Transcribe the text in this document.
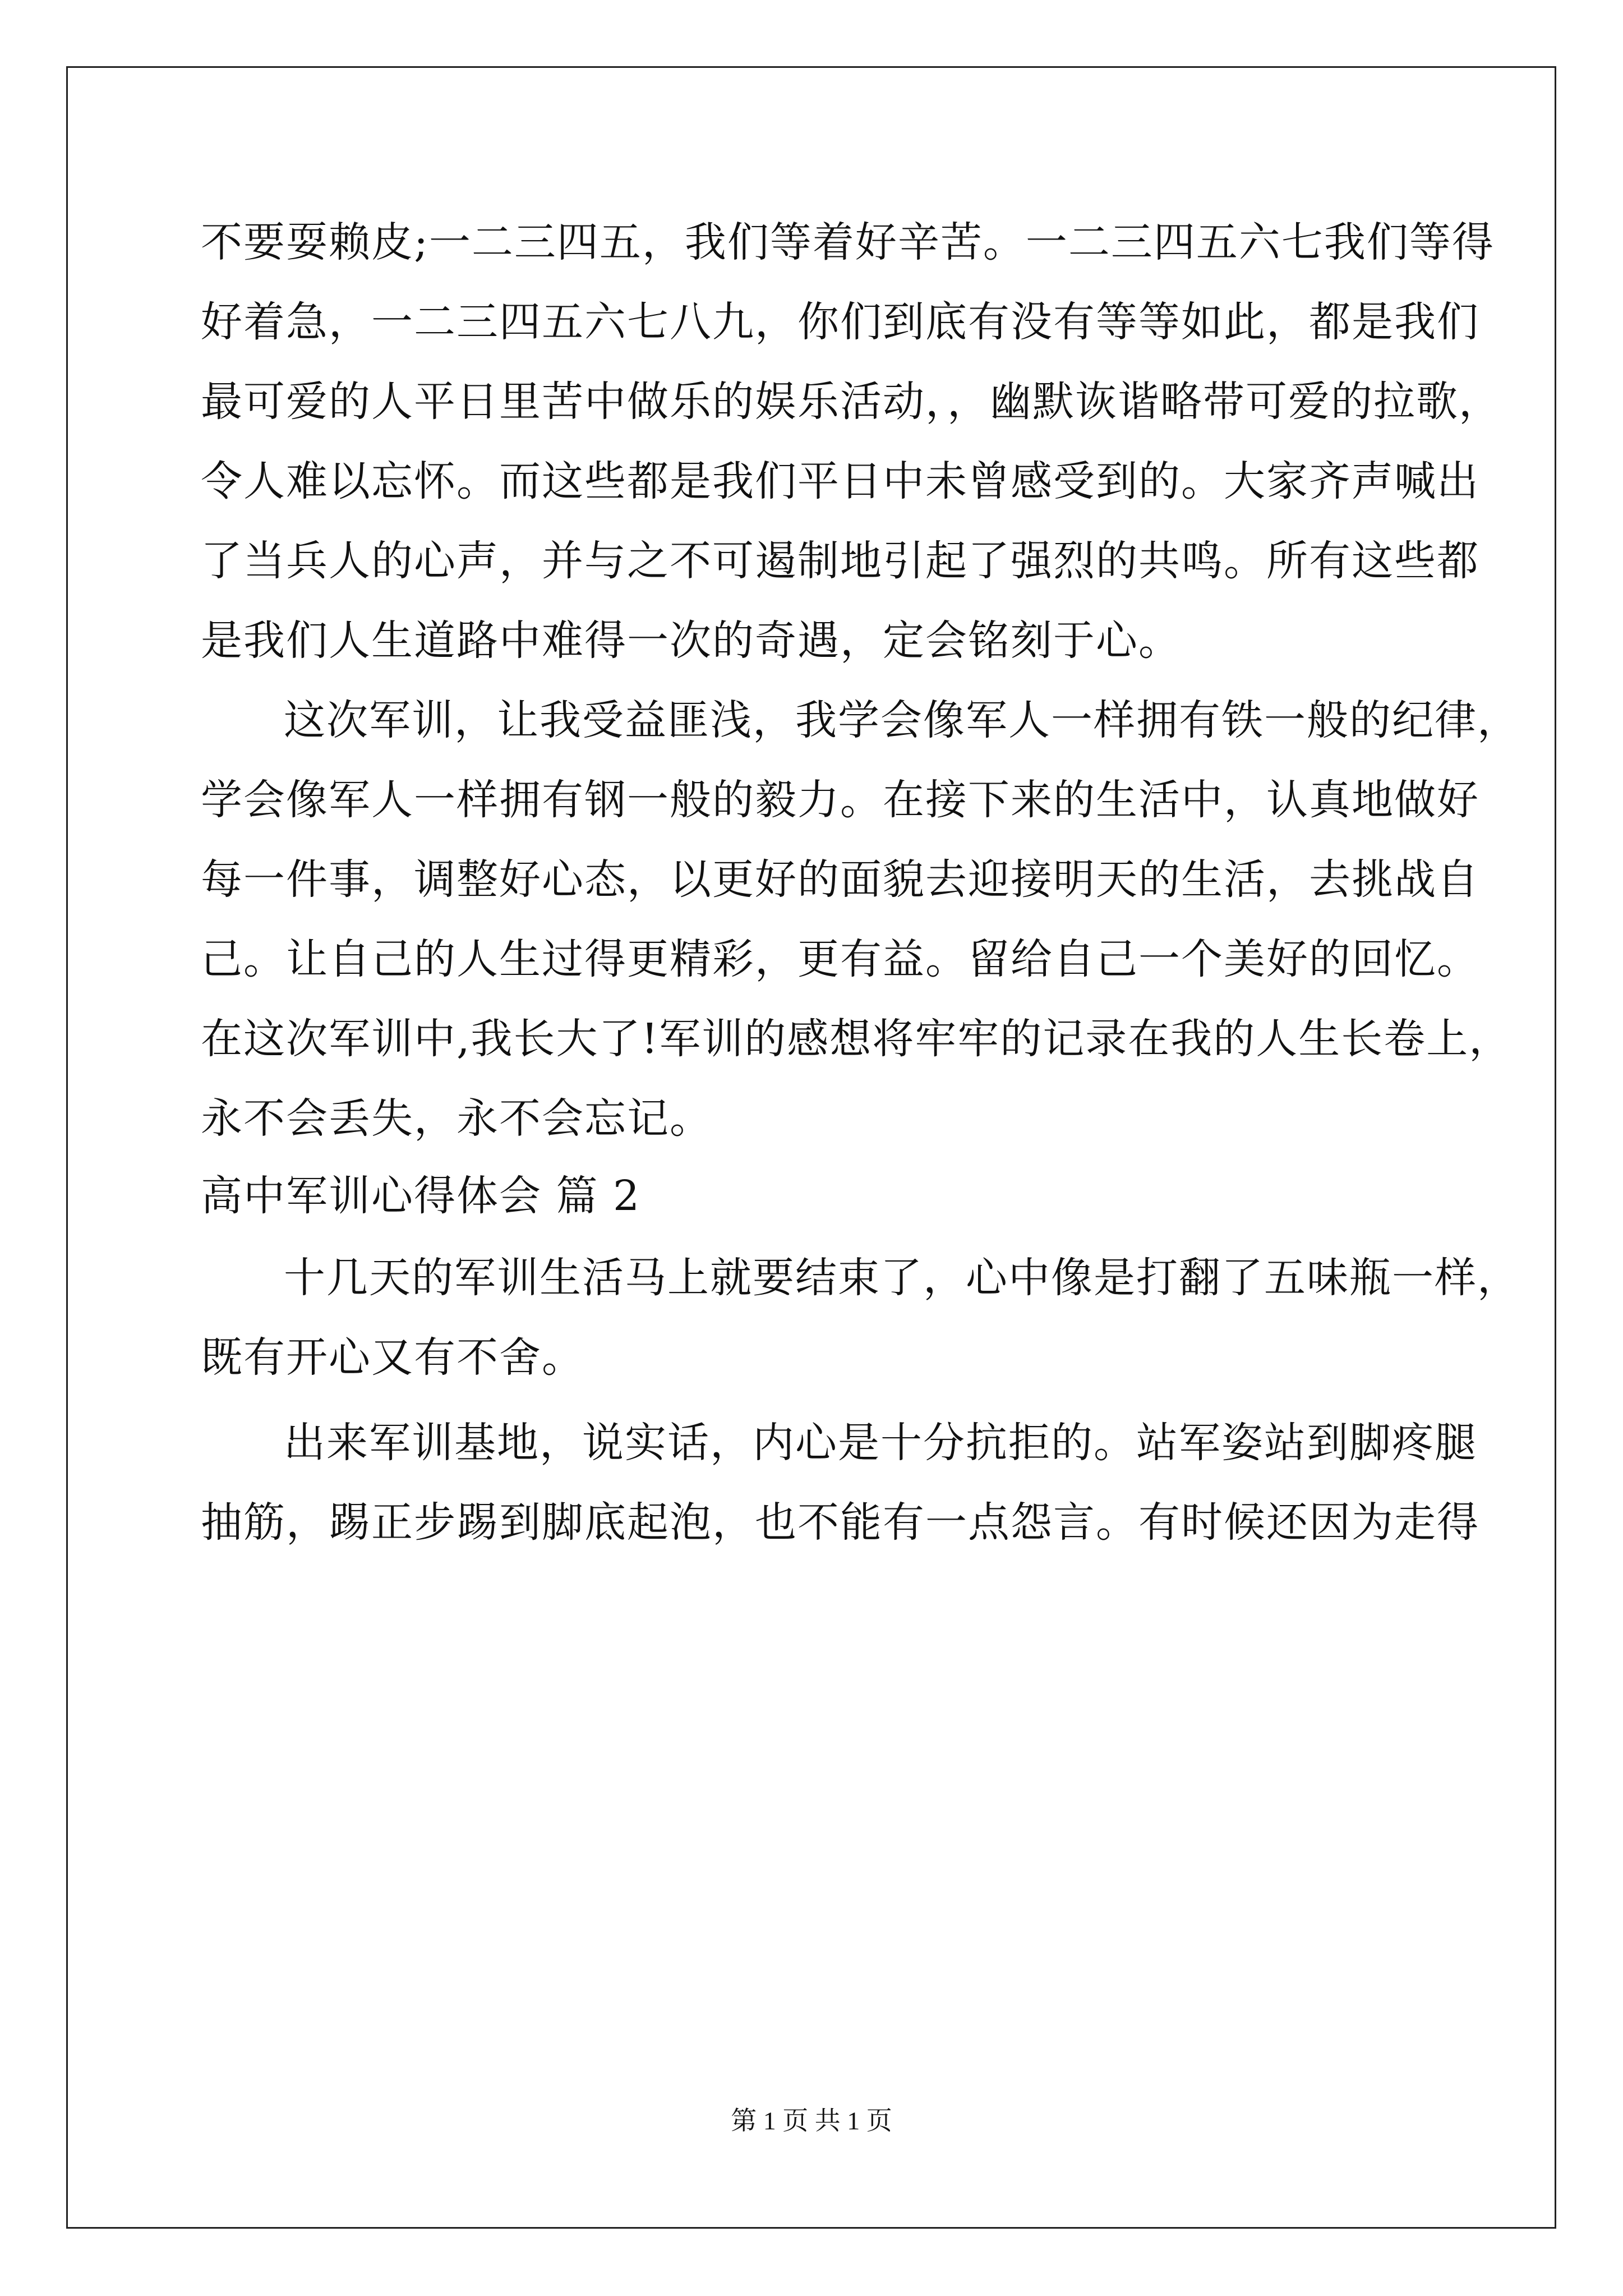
不要耍赖皮;一二三四五，我们等着好辛苦。一二三四五六七我们等得
好着急，一二三四五六七八九，你们到底有没有等等如此，都是我们
最可爱的人平日里苦中做乐的娱乐活动，，幽默诙谐略带可爱的拉歌，
令人难以忘怀。而这些都是我们平日中未曾感受到的。大家齐声喊出
了当兵人的心声，并与之不可遏制地引起了强烈的共鸣。所有这些都
是我们人生道路中难得一次的奇遇，定会铭刻于心。
这次军训，让我受益匪浅，我学会像军人一样拥有铁一般的纪律，
学会像军人一样拥有钢一般的毅力。在接下来的生活中，认真地做好
每一件事，调整好心态，以更好的面貌去迎接明天的生活，去挑战自
己。让自己的人生过得更精彩，更有益。留给自己一个美好的回忆。
在这次军训中,我长大了!军训的感想将牢牢的记录在我的人生长卷上，
永不会丢失，永不会忘记。
高中军训心得体会 篇 2
十几天的军训生活马上就要结束了，心中像是打翻了五味瓶一样，
既有开心又有不舍。
出来军训基地，说实话，内心是十分抗拒的。站军姿站到脚疼腿
抽筋，踢正步踢到脚底起泡，也不能有一点怨言。有时候还因为走得
第 1 页 共 1 页
